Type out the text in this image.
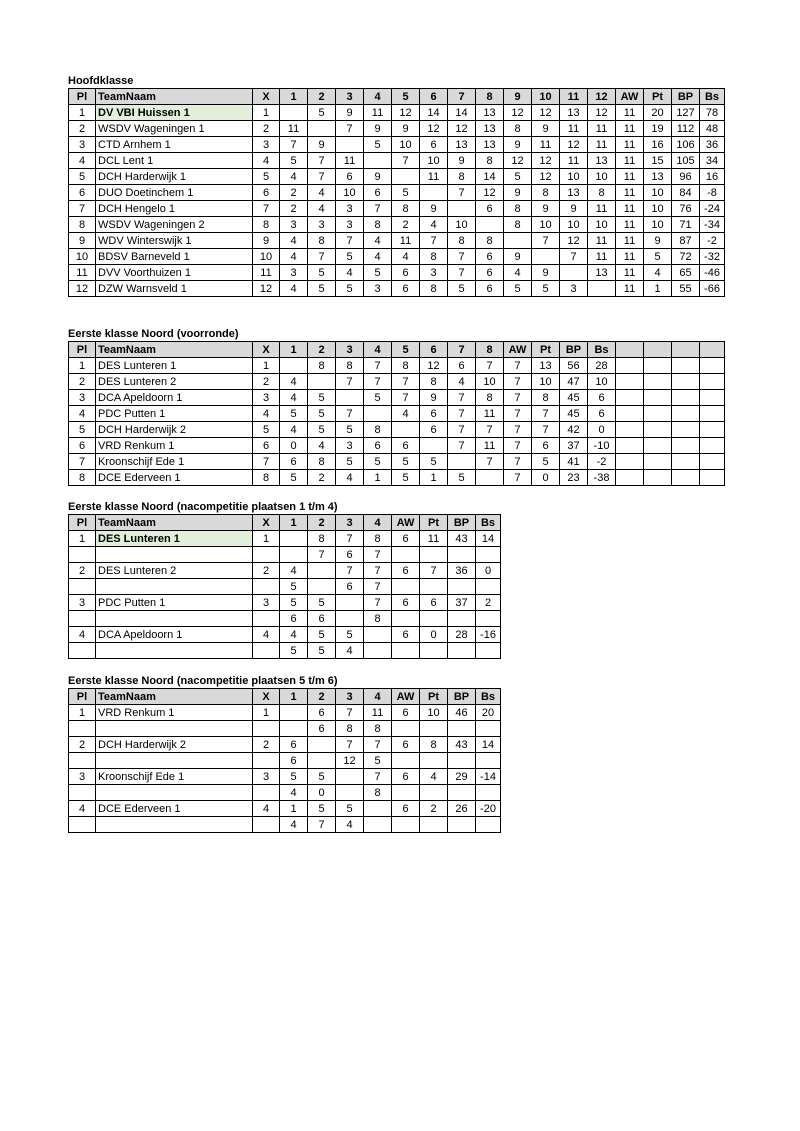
Hoofdklasse
Pl	TeamNaam	X	1	2	3	4	5	6	7	8	9	10	11	12	AW	Pt	BP	Bs
1	DV VBI Huissen 1	1		5	9	11	12	14	14	13	12	12	13	12	11	20	127	78
2	WSDV Wageningen 1	2	11		7	9	9	12	12	13	8	9	11	11	11	19	112	48
3	CTD Arnhem 1	3	7	9		5	10	6	13	13	9	11	12	11	11	16	106	36
4	DCL Lent 1	4	5	7	11		7	10	9	8	12	12	11	13	11	15	105	34
5	DCH Harderwijk 1	5	4	7	6	9		11	8	14	5	12	10	10	11	13	96	16
6	DUO Doetinchem 1	6	2	4	10	6	5		7	12	9	8	13	8	11	10	84	-8
7	DCH Hengelo 1	7	2	4	3	7	8	9		6	8	9	9	11	11	10	76	-24
8	WSDV Wageningen 2	8	3	3	3	8	2	4	10		8	10	10	10	11	10	71	-34
9	WDV Winterswijk 1	9	4	8	7	4	11	7	8	8		7	12	11	11	9	87	-2
10	BDSV Barneveld 1	10	4	7	5	4	4	8	7	6	9		7	11	11	5	72	-32
11	DVV Voorthuizen 1	11	3	5	4	5	6	3	7	6	4	9		13	11	4	65	-46
12	DZW Warnsveld 1	12	4	5	5	3	6	8	5	6	5	5	3		11	1	55	-66
Eerste klasse Noord (voorronde)
Pl	TeamNaam	X	1	2	3	4	5	6	7	8	AW	Pt	BP	Bs				
1	DES Lunteren 1	1		8	8	7	8	12	6	7	7	13	56	28				
2	DES Lunteren 2	2	4		7	7	7	8	4	10	7	10	47	10				
3	DCA Apeldoorn 1	3	4	5		5	7	9	7	8	7	8	45	6				
4	PDC Putten 1	4	5	5	7		4	6	7	11	7	7	45	6				
5	DCH Harderwijk 2	5	4	5	5	8		6	7	7	7	7	42	0				
6	VRD Renkum 1	6	0	4	3	6	6		7	11	7	6	37	-10				
7	Kroonschijf Ede 1	7	6	8	5	5	5	5		7	7	5	41	-2				
8	DCE Ederveen 1	8	5	2	4	1	5	1	5		7	0	23	-38				
Eerste klasse Noord (nacompetitie plaatsen 1 t/m 4)
Pl	TeamNaam	X	1	2	3	4	AW	Pt	BP	Bs
1	DES Lunteren 1	1		8	7	8	6	11	43	14
				7	6	7				
2	DES Lunteren 2	2	4		7	7	6	7	36	0
			5		6	7				
3	PDC Putten 1	3	5	5		7	6	6	37	2
			6	6		8				
4	DCA Apeldoorn 1	4	4	5	5		6	0	28	-16
			5	5	4					
Eerste klasse Noord (nacompetitie plaatsen 5 t/m 6)
Pl	TeamNaam	X	1	2	3	4	AW	Pt	BP	Bs
1	VRD Renkum 1	1		6	7	11	6	10	46	20
				6	8	8				
2	DCH Harderwijk 2	2	6		7	7	6	8	43	14
			6		12	5				
3	Kroonschijf Ede 1	3	5	5		7	6	4	29	-14
			4	0		8				
4	DCE Ederveen 1	4	1	5	5		6	2	26	-20
			4	7	4					
